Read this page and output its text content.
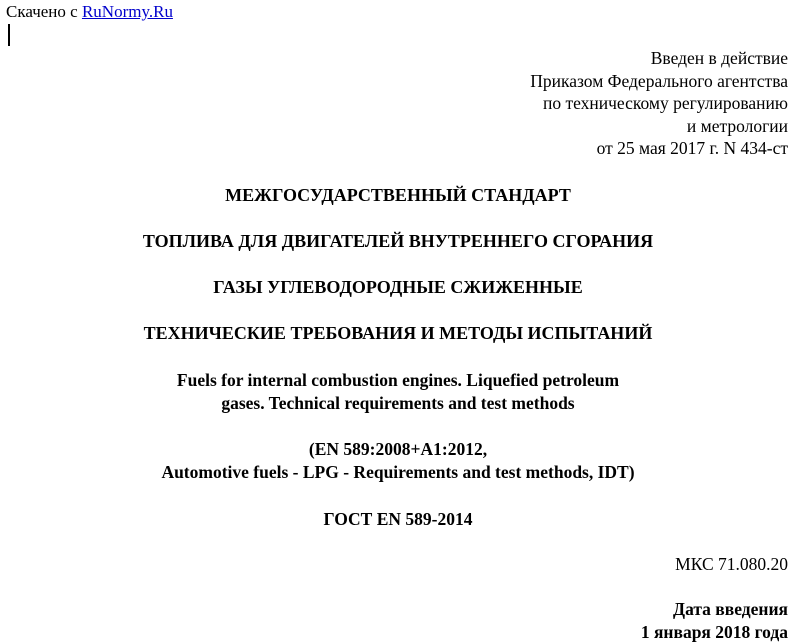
Скачено с RuNormy.Ru
Введен в действие
Приказом Федерального агентства
по техническому регулированию
и метрологии
от 25 мая 2017 г. N 434-ст
МЕЖГОСУДАРСТВЕННЫЙ СТАНДАРТ
ТОПЛИВА ДЛЯ ДВИГАТЕЛЕЙ ВНУТРЕННЕГО СГОРАНИЯ
ГАЗЫ УГЛЕВОДОРОДНЫЕ СЖИЖЕННЫЕ
ТЕХНИЧЕСКИЕ ТРЕБОВАНИЯ И МЕТОДЫ ИСПЫТАНИЙ
Fuels for internal combustion engines. Liquefied petroleum
gases. Technical requirements and test methods
(EN 589:2008+A1:2012,
Automotive fuels - LPG - Requirements and test methods, IDT)
ГОСТ EN 589-2014
МКС 71.080.20
Дата введения
1 января 2018 года
